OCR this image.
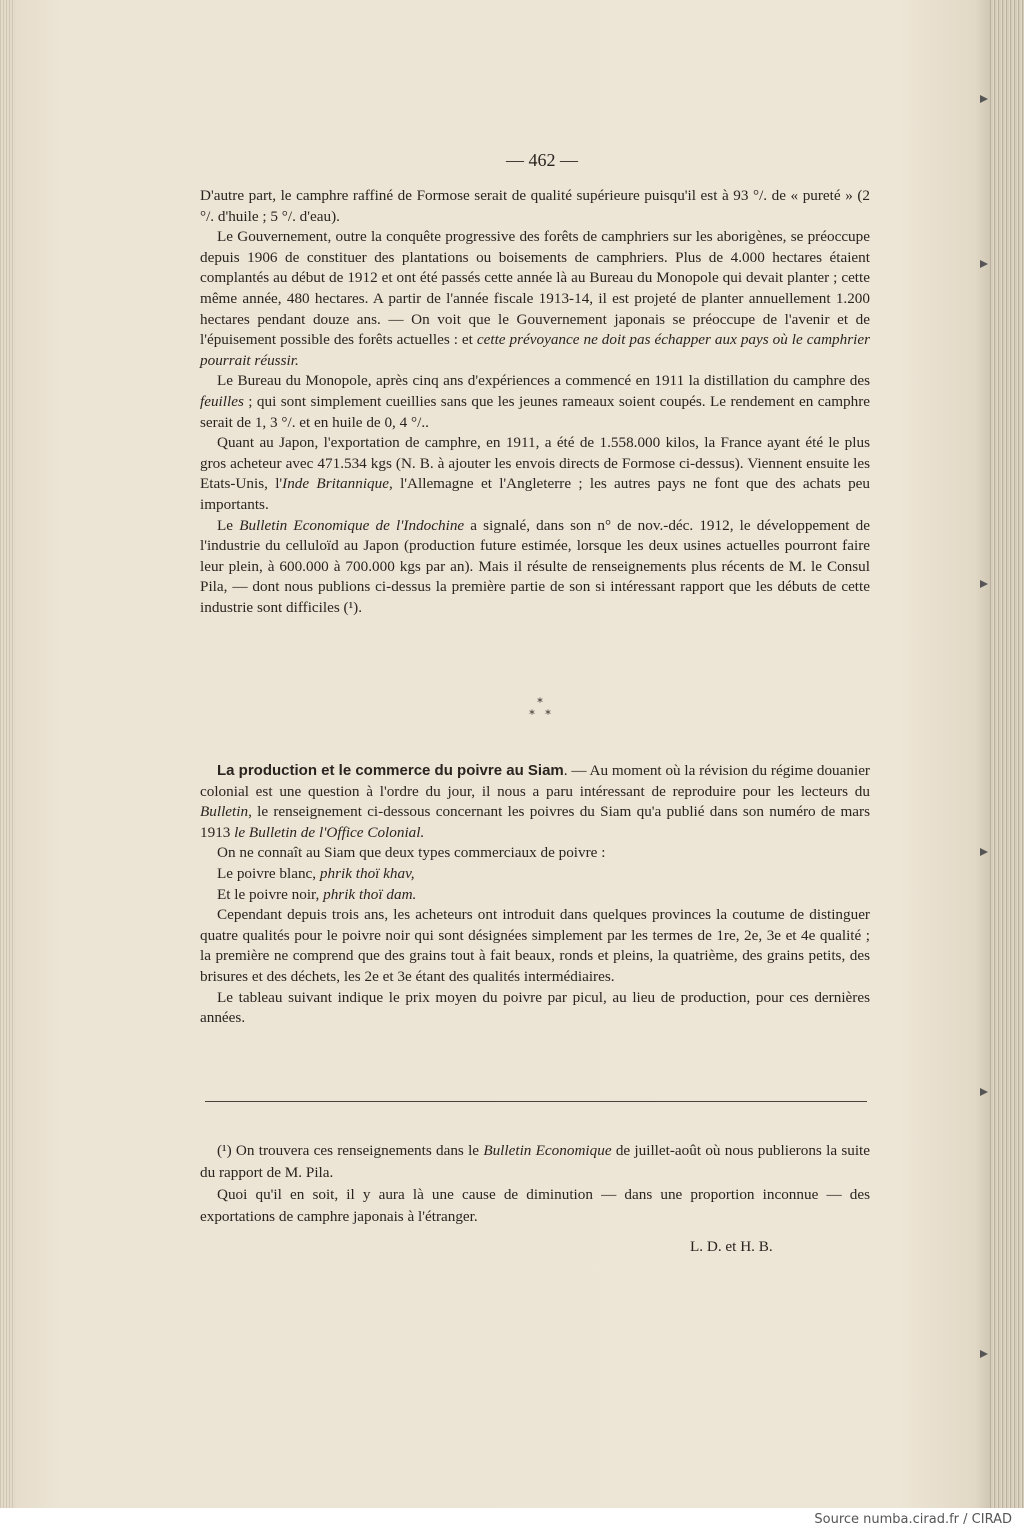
— 462 —

D'autre part, le camphre raffiné de Formose serait de qualité supérieure puisqu'il est à 93 °/. de « pureté » (2 °/. d'huile ; 5 °/. d'eau).

Le Gouvernement, outre la conquête progressive des forêts de camphriers sur les aborigènes, se préoccupe depuis 1906 de constituer des plantations ou boisements de camphriers. Plus de 4.000 hectares étaient complantés au début de 1912 et ont été passés cette année là au Bureau du Monopole qui devait planter ; cette même année, 480 hectares. A partir de l'année fiscale 1913-14, il est projeté de planter annuellement 1.200 hectares pendant douze ans. — On voit que le Gouvernement japonais se préoccupe de l'avenir et de l'épuisement possible des forêts actuelles : et cette prévoyance ne doit pas échapper aux pays où le camphrier pourrait réussir.

Le Bureau du Monopole, après cinq ans d'expériences a commencé en 1911 la distillation du camphre des feuilles ; qui sont simplement cueillies sans que les jeunes rameaux soient coupés. Le rendement en camphre serait de 1, 3 °/. et en huile de 0, 4 °/..

Quant au Japon, l'exportation de camphre, en 1911, a été de 1.558.000 kilos, la France ayant été le plus gros acheteur avec 471.534 kgs (N. B. à ajouter les envois directs de Formose ci-dessus). Viennent ensuite les Etats-Unis, l'Inde Britannique, l'Allemagne et l'Angleterre ; les autres pays ne font que des achats peu importants.

Le Bulletin Economique de l'Indochine a signalé, dans son n° de nov.-déc. 1912, le développement de l'industrie du celluloïd au Japon (production future estimée, lorsque les deux usines actuelles pourront faire leur plein, à 600.000 à 700.000 kgs par an). Mais il résulte de renseignements plus récents de M. le Consul Pila, — dont nous publions ci-dessus la première partie de son si intéressant rapport que les débuts de cette industrie sont difficiles (¹).

*
*   *

La production et le commerce du poivre au Siam. — Au moment où la révision du régime douanier colonial est une question à l'ordre du jour, il nous a paru intéressant de reproduire pour les lecteurs du Bulletin, le renseignement ci-dessous concernant les poivres du Siam qu'a publié dans son numéro de mars 1913 le Bulletin de l'Office Colonial.

On ne connaît au Siam que deux types commerciaux de poivre :

Le poivre blanc, phrik thoï khav,

Et le poivre noir, phrik thoï dam.

Cependant depuis trois ans, les acheteurs ont introduit dans quelques provinces la coutume de distinguer quatre qualités pour le poivre noir qui sont désignées simplement par les termes de 1re, 2e, 3e et 4e qualité ; la première ne comprend que des grains tout à fait beaux, ronds et pleins, la quatrième, des grains petits, des brisures et des déchets, les 2e et 3e étant des qualités intermédiaires.

Le tableau suivant indique le prix moyen du poivre par picul, au lieu de production, pour ces dernières années.

(¹) On trouvera ces renseignements dans le Bulletin Economique de juillet-août où nous publierons la suite du rapport de M. Pila.

Quoi qu'il en soit, il y aura là une cause de diminution — dans une proportion inconnue — des exportations de camphre japonais à l'étranger.

L. D. et H. B.
Source numba.cirad.fr / CIRAD
